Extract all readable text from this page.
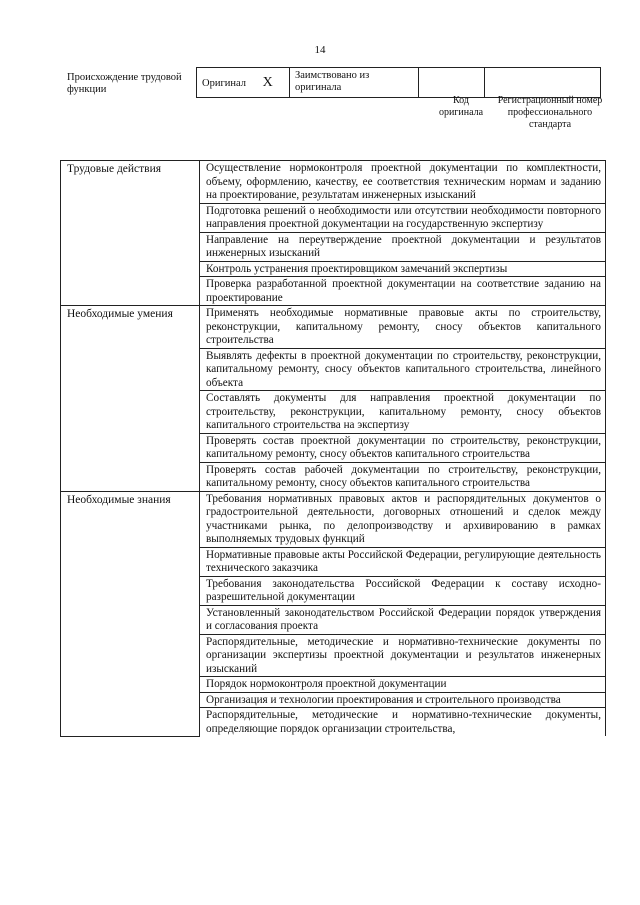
14
Происхождение трудовой функции
Оригинал X	Заимствовано из оригинала		
Код оригинала
Регистрационный номер профессионального стандарта
Трудовые действия	Осуществление нормоконтроля проектной документации по комплектности, объему, оформлению, качеству, ее соответствия техническим нормам и заданию на проектирование, результатам инженерных изысканий
	Подготовка решений о необходимости или отсутствии необходимости повторного направления проектной документации на государственную экспертизу
	Направление на переутверждение проектной документации и результатов инженерных изысканий
	Контроль устранения проектировщиком замечаний экспертизы
	Проверка разработанной проектной документации на соответствие заданию на проектирование
Необходимые умения	Применять необходимые нормативные правовые акты по строительству, реконструкции, капитальному ремонту, сносу объектов капитального строительства
	Выявлять дефекты в проектной документации по строительству, реконструкции, капитальному ремонту, сносу объектов капитального строительства, линейного объекта
	Составлять документы для направления проектной документации по строительству, реконструкции, капитальному ремонту, сносу объектов капитального строительства на экспертизу
	Проверять состав проектной документации по строительству, реконструкции, капитальному ремонту, сносу объектов капитального строительства
	Проверять состав рабочей документации по строительству, реконструкции, капитальному ремонту, сносу объектов капитального строительства
Необходимые знания	Требования нормативных правовых актов и распорядительных документов о градостроительной деятельности, договорных отношений и сделок между участниками рынка, по делопроизводству и архивированию в рамках выполняемых трудовых функций
	Нормативные правовые акты Российской Федерации, регулирующие деятельность технического заказчика
	Требования законодательства Российской Федерации к составу исходно-разрешительной документации
	Установленный законодательством Российской Федерации порядок утверждения и согласования проекта
	Распорядительные, методические и нормативно-технические документы по организации экспертизы проектной документации и результатов инженерных изысканий
	Порядок нормоконтроля проектной документации
	Организация и технологии проектирования и строительного производства
	Распорядительные, методические и нормативно-технические документы, определяющие порядок организации строительства,
